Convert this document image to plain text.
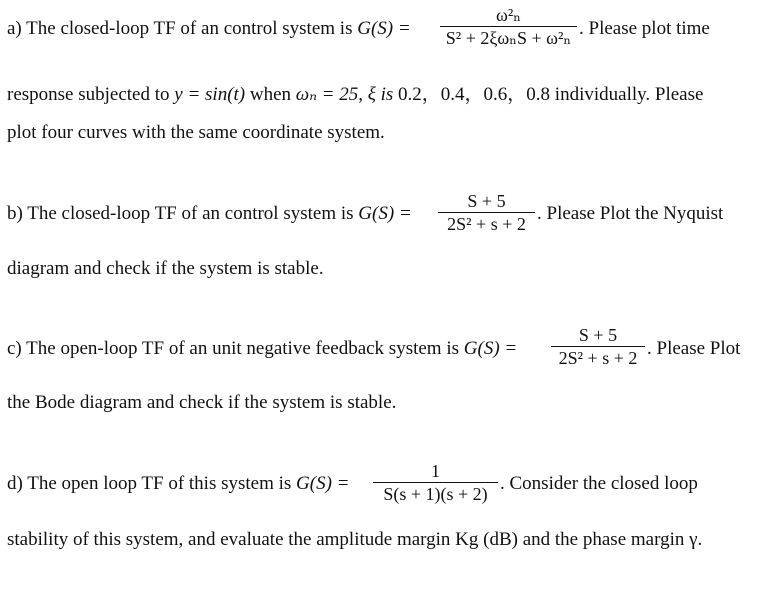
a) The closed-loop TF of an control system is G(S) =
ω²ₙ
S² + 2ξωₙS + ω²ₙ . Please plot time
response subjected to y = sin(t) when ωₙ = 25, ξ is 0.2，0.4，0.6，0.8 individually. Please
plot four curves with the same coordinate system.
b) The closed-loop TF of an control system is G(S) =
S + 5
2S² + s + 2 . Please Plot the Nyquist
diagram and check if the system is stable.
c) The open-loop TF of an unit negative feedback system is G(S) =
S + 5
2S² + s + 2 . Please Plot
the Bode diagram and check if the system is stable.
d) The open loop TF of this system is G(S) =
1
S(s + 1)(s + 2) . Consider the closed loop
stability of this system, and evaluate the amplitude margin Kg (dB) and the phase margin γ.
